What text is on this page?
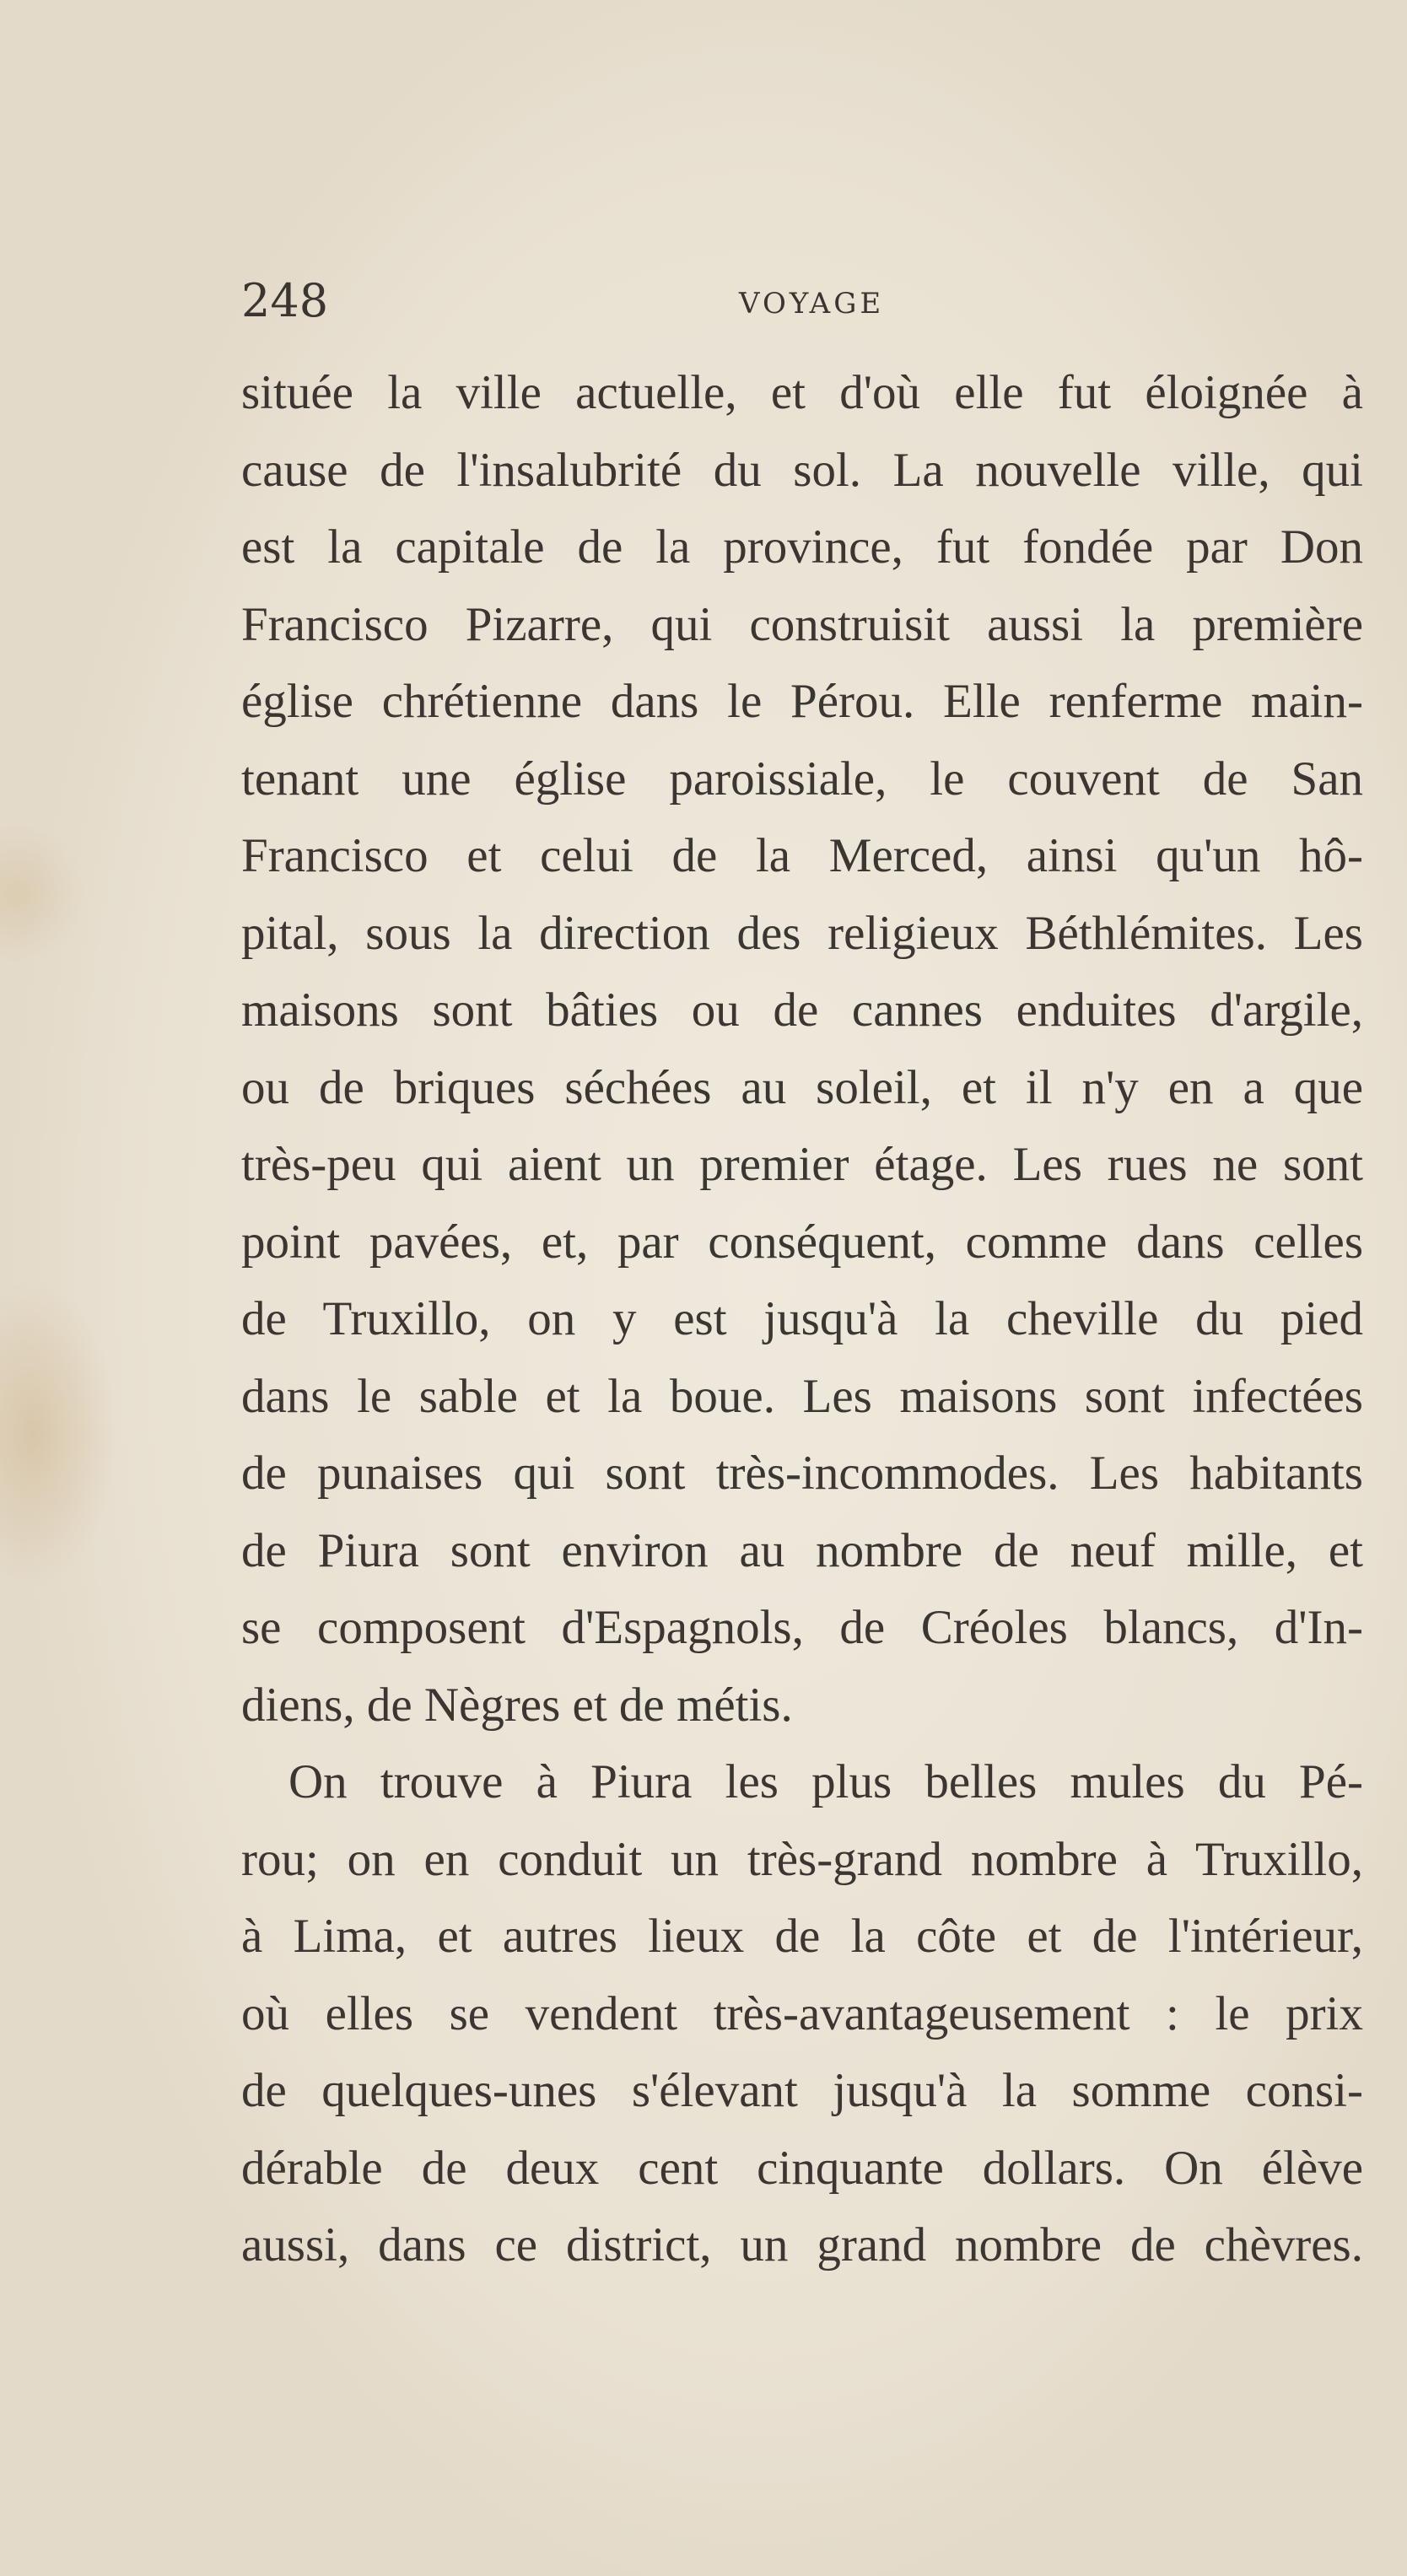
248	VOYAGE
située la ville actuelle, et d'où elle fut éloignée à
cause de l'insalubrité du sol. La nouvelle ville, qui
est la capitale de la province, fut fondée par Don
Francisco Pizarre, qui construisit aussi la première
église chrétienne dans le Pérou. Elle renferme main-
tenant une église paroissiale, le couvent de San
Francisco et celui de la Merced, ainsi qu'un hô-
pital, sous la direction des religieux Béthlémites. Les
maisons sont bâties ou de cannes enduites d'argile,
ou de briques séchées au soleil, et il n'y en a que
très-peu qui aient un premier étage. Les rues ne sont
point pavées, et, par conséquent, comme dans celles
de Truxillo, on y est jusqu'à la cheville du pied
dans le sable et la boue. Les maisons sont infectées
de punaises qui sont très-incommodes. Les habitants
de Piura sont environ au nombre de neuf mille, et
se composent d'Espagnols, de Créoles blancs, d'In-
diens, de Nègres et de métis.
On trouve à Piura les plus belles mules du Pé-
rou; on en conduit un très-grand nombre à Truxillo,
à Lima, et autres lieux de la côte et de l'intérieur,
où elles se vendent très-avantageusement : le prix
de quelques-unes s'élevant jusqu'à la somme consi-
dérable de deux cent cinquante dollars. On élève
aussi, dans ce district, un grand nombre de chèvres.
